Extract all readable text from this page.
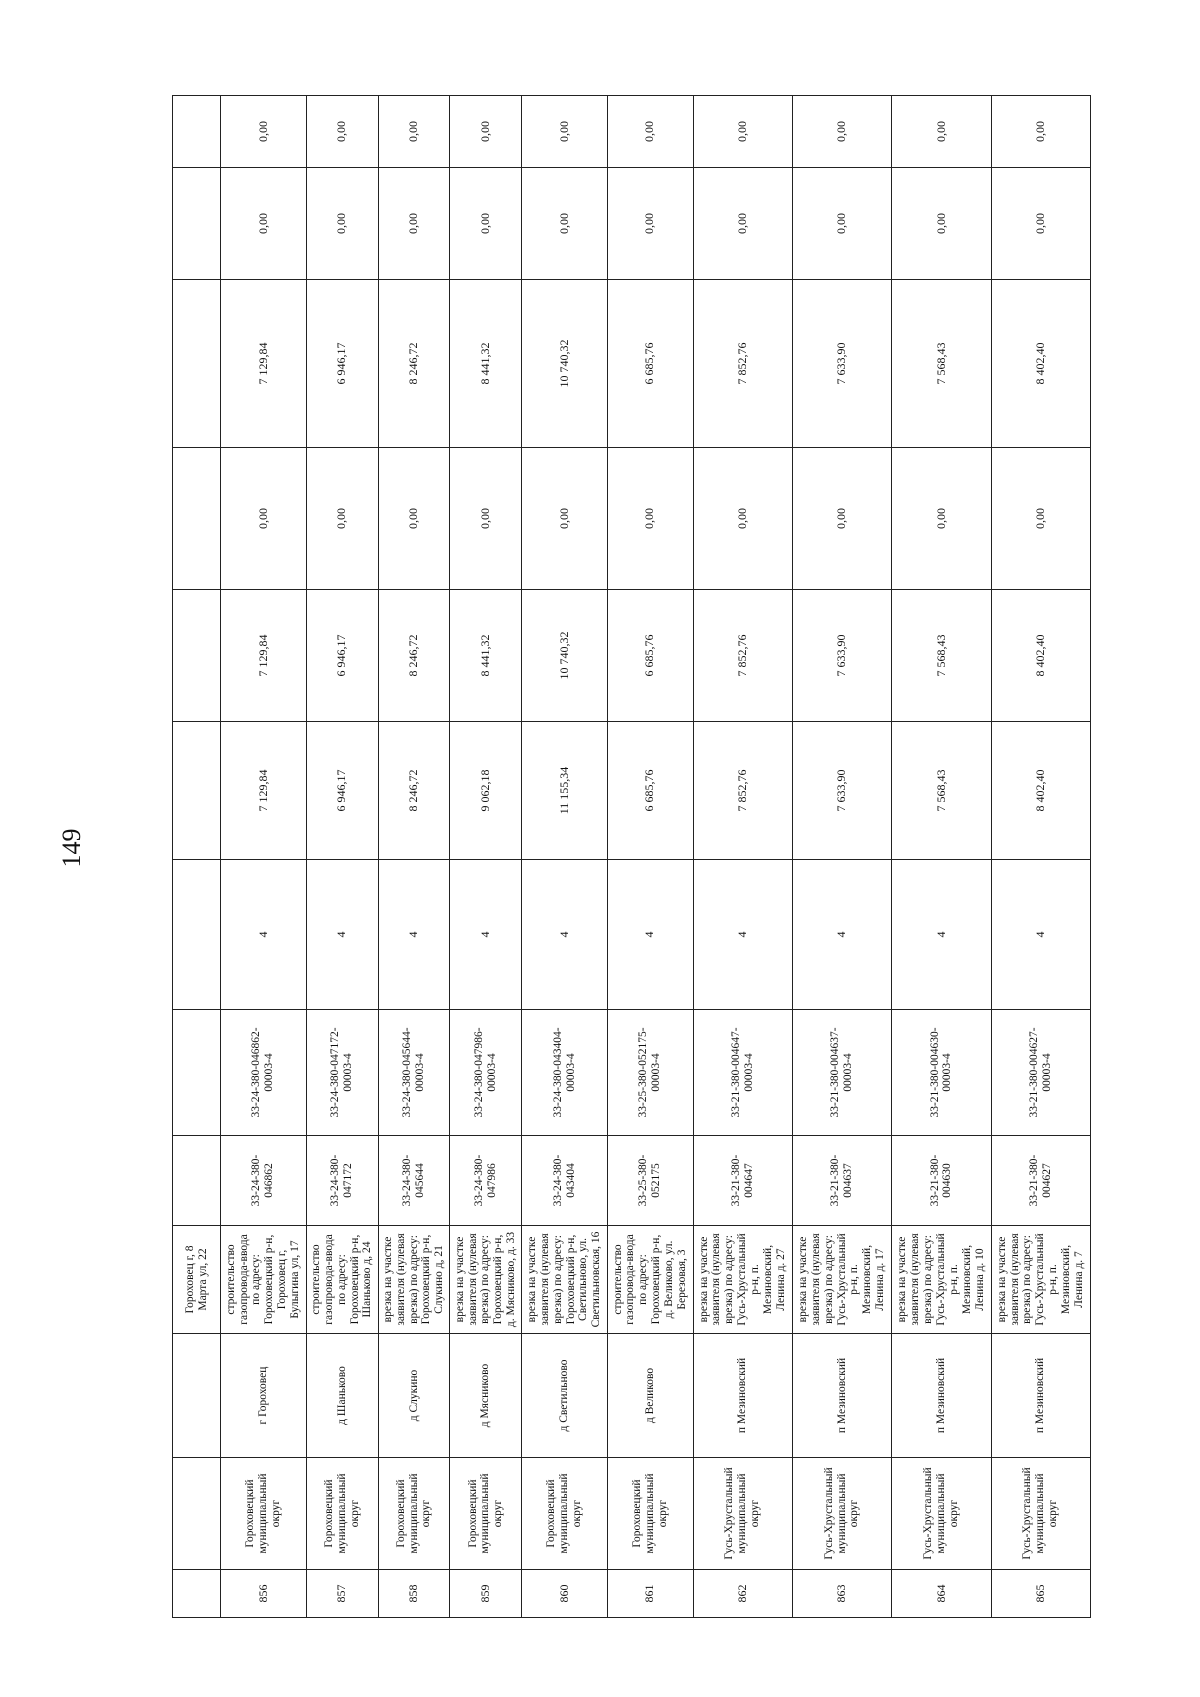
149
			Гороховец г, 8 Марта ул, 22									
856	Гороховецкий муниципальный округ	г Гороховец	строительство газопровода-ввода по адресу: Гороховецкий р-н, Гороховец г, Булыгина ул, 17	33-24-380-046862	33-24-380-046862-00003-4	4	7 129,84	7 129,84	0,00	7 129,84	0,00	0,00
857	Гороховецкий муниципальный округ	д Шаньково	строительство газопровода-ввода по адресу: Гороховецкий р-н, Шаньково д, 24	33-24-380-047172	33-24-380-047172-00003-4	4	6 946,17	6 946,17	0,00	6 946,17	0,00	0,00
858	Гороховецкий муниципальный округ	д Слукино	врезка на участке заявителя (нулевая врезка) по адресу: Гороховецкий р-н, Слукино д, 21	33-24-380-045644	33-24-380-045644-00003-4	4	8 246,72	8 246,72	0,00	8 246,72	0,00	0,00
859	Гороховецкий муниципальный округ	д Мясниково	врезка на участке заявителя (нулевая врезка) по адресу: Гороховецкий р-н, д. Мясниково, д. 33	33-24-380-047986	33-24-380-047986-00003-4	4	9 062,18	8 441,32	0,00	8 441,32	0,00	0,00
860	Гороховецкий муниципальный округ	д Светильново	врезка на участке заявителя (нулевая врезка) по адресу: Гороховецкий р-н, Светильново, ул. Светильновская, 16	33-24-380-043404	33-24-380-043404-00003-4	4	11 155,34	10 740,32	0,00	10 740,32	0,00	0,00
861	Гороховецкий муниципальный округ	д Великово	строительство газопровода-ввода по адресу: Гороховецкий р-н, д. Великово, ул. Березовая, 3	33-25-380-052175	33-25-380-052175-00003-4	4	6 685,76	6 685,76	0,00	6 685,76	0,00	0,00
862	Гусь-Хрустальный муниципальный округ	п Мезиновский	врезка на участке заявителя (нулевая врезка) по адресу: Гусь-Хрустальный р-н, п. Мезиновский, Ленина д. 27	33-21-380-004647	33-21-380-004647-00003-4	4	7 852,76	7 852,76	0,00	7 852,76	0,00	0,00
863	Гусь-Хрустальный муниципальный округ	п Мезиновский	врезка на участке заявителя (нулевая врезка) по адресу: Гусь-Хрустальный р-н, п. Мезиновский, Ленина д. 17	33-21-380-004637	33-21-380-004637-00003-4	4	7 633,90	7 633,90	0,00	7 633,90	0,00	0,00
864	Гусь-Хрустальный муниципальный округ	п Мезиновский	врезка на участке заявителя (нулевая врезка) по адресу: Гусь-Хрустальный р-н, п. Мезиновский, Ленина д. 10	33-21-380-004630	33-21-380-004630-00003-4	4	7 568,43	7 568,43	0,00	7 568,43	0,00	0,00
865	Гусь-Хрустальный муниципальный округ	п Мезиновский	врезка на участке заявителя (нулевая врезка) по адресу: Гусь-Хрустальный р-н, п. Мезиновский, Ленина д. 7	33-21-380-004627	33-21-380-004627-00003-4	4	8 402,40	8 402,40	0,00	8 402,40	0,00	0,00
